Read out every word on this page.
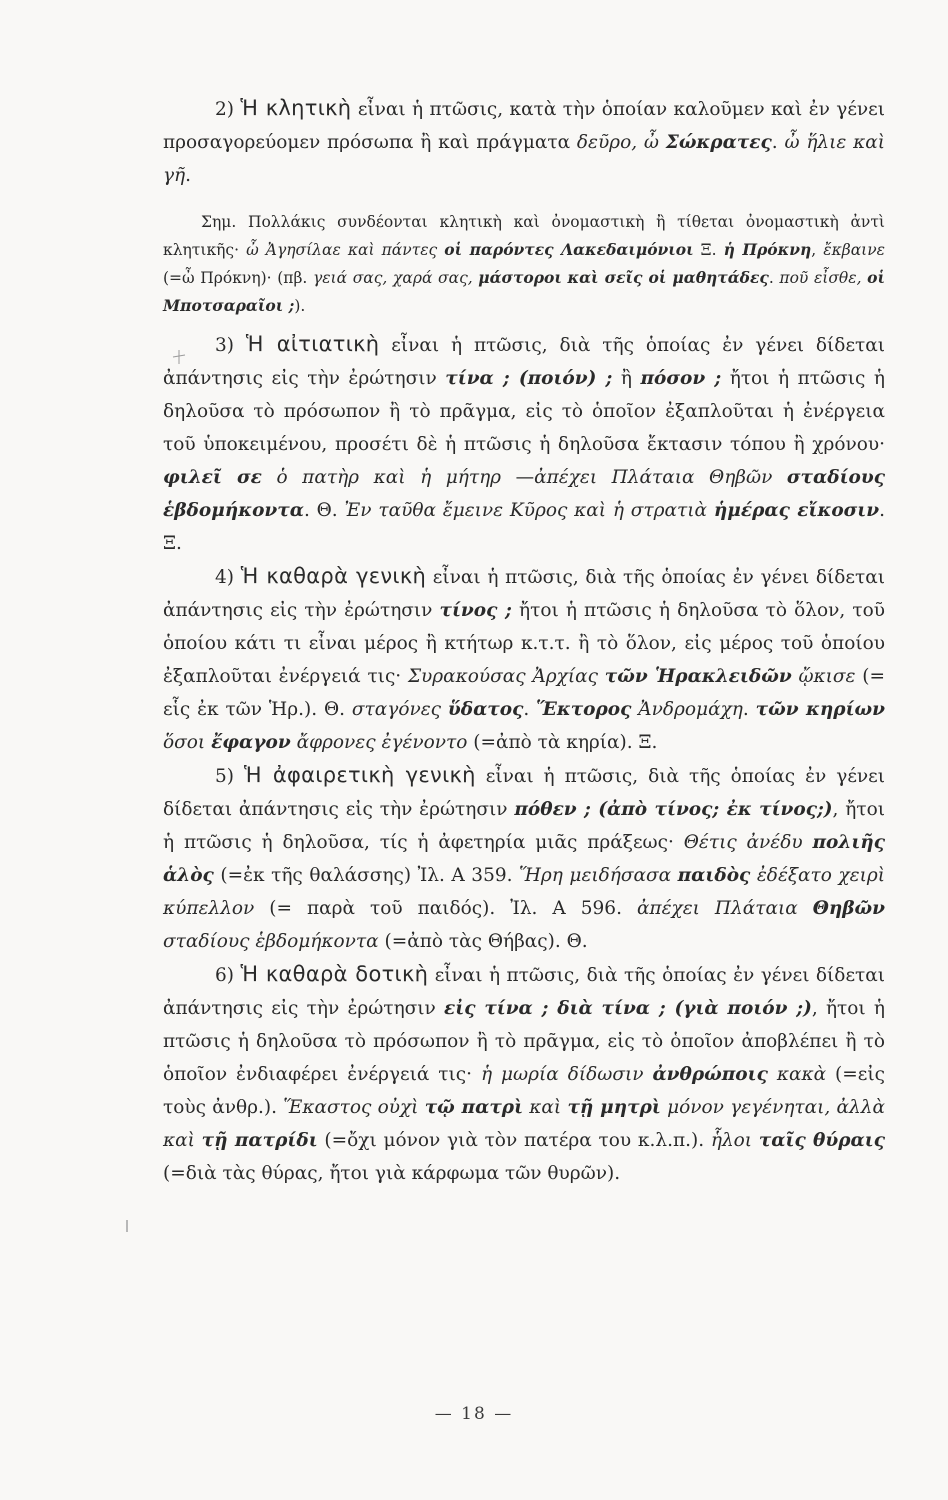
2) Ἡ κλητικὴ εἶναι ἡ πτῶσις, κατὰ τὴν ὁποίαν καλοῦμεν καὶ ἐν γένει προσαγορεύομεν πρόσωπα ἢ καὶ πράγματα δεῦρο, ὦ Σώκρατες. ὦ ἥλιε καὶ γῆ.

Σημ. Πολλάκις συνδέονται κλητικὴ καὶ ὀνομαστικὴ ἢ τίθεται ὀνομαστικὴ ἀντὶ κλητικῆς· ὦ Ἀγησίλαε καὶ πάντες οἱ παρόντες Λακεδαιμόνιοι Ξ. ἡ Πρόκνη, ἔκβαινε (=ὦ Πρόκνη)· (πβ. γειά σας, χαρά σας, μάστοροι καὶ σεῖς οἱ μαθητάδες. ποῦ εἶσθε, οἱ Μποτσαραῖοι ;).

3) Ἡ αἰτιατικὴ εἶναι ἡ πτῶσις, διὰ τῆς ὁποίας ἐν γένει δίδεται ἀπάντησις εἰς τὴν ἐρώτησιν τίνα ; (ποιόν) ; ἢ πόσον ; ἤτοι ἡ πτῶσις ἡ δηλοῦσα τὸ πρόσωπον ἢ τὸ πρᾶγμα, εἰς τὸ ὁποῖον ἐξαπλοῦται ἡ ἐνέργεια τοῦ ὑποκειμένου, προσέτι δὲ ἡ πτῶσις ἡ δηλοῦσα ἔκτασιν τόπου ἢ χρόνου· φιλεῖ σε ὁ πατὴρ καὶ ἡ μήτηρ —ἀπέχει Πλάταια Θηβῶν σταδίους ἑβδομήκοντα. Θ. Ἐν ταῦθα ἔμεινε Κῦρος καὶ ἡ στρατιὰ ἡμέρας εἴκοσιν. Ξ.

4) Ἡ καθαρὰ γενικὴ εἶναι ἡ πτῶσις, διὰ τῆς ὁποίας ἐν γένει δίδεται ἀπάντησις εἰς τὴν ἐρώτησιν τίνος ; ἤτοι ἡ πτῶσις ἡ δηλοῦσα τὸ ὅλον, τοῦ ὁποίου κάτι τι εἶναι μέρος ἢ κτήτωρ κ.τ.τ. ἢ τὸ ὅλον, εἰς μέρος τοῦ ὁποίου ἐξαπλοῦται ἐνέργειά τις· Συρακούσας Ἀρχίας τῶν Ἡρακλειδῶν ᾤκισε (= εἷς ἐκ τῶν Ἡρ.). Θ. σταγόνες ὕδατος. Ἕκτορος Ἀνδρομάχη. τῶν κηρίων ὅσοι ἔφαγον ἄφρονες ἐγένοντο (=ἀπὸ τὰ κηρία). Ξ.

5) Ἡ ἀφαιρετικὴ γενικὴ εἶναι ἡ πτῶσις, διὰ τῆς ὁποίας ἐν γένει δίδεται ἀπάντησις εἰς τὴν ἐρώτησιν πόθεν ; (ἀπὸ τίνος; ἐκ τίνος;), ἤτοι ἡ πτῶσις ἡ δηλοῦσα, τίς ἡ ἀφετηρία μιᾶς πράξεως· Θέτις ἀνέδυ πολιῆς ἁλὸς (=ἐκ τῆς θαλάσσης) Ἰλ. Α 359. Ἥρη μειδήσασα παιδὸς ἐδέξατο χειρὶ κύπελλον (= παρὰ τοῦ παιδός). Ἰλ. Α 596. ἀπέχει Πλάταια Θηβῶν σταδίους ἑβδομήκοντα (=ἀπὸ τὰς Θήβας). Θ.

6) Ἡ καθαρὰ δοτικὴ εἶναι ἡ πτῶσις, διὰ τῆς ὁποίας ἐν γένει δίδεται ἀπάντησις εἰς τὴν ἐρώτησιν εἰς τίνα ; διὰ τίνα ; (γιὰ ποιόν ;), ἤτοι ἡ πτῶσις ἡ δηλοῦσα τὸ πρόσωπον ἢ τὸ πρᾶγμα, εἰς τὸ ὁποῖον ἀποβλέπει ἢ τὸ ὁποῖον ἐνδιαφέρει ἐνέργειά τις· ἡ μωρία δίδωσιν ἀνθρώποις κακὰ (=εἰς τοὺς ἀνθρ.). Ἕκαστος οὐχὶ τῷ πατρὶ καὶ τῇ μητρὶ μόνον γεγένηται, ἀλλὰ καὶ τῇ πατρίδι (=ὄχι μόνον γιὰ τὸν πατέρα του κ.λ.π.). ἧλοι ταῖς θύραις (=διὰ τὰς θύρας, ἤτοι γιὰ κάρφωμα τῶν θυρῶν).

— 18 —
